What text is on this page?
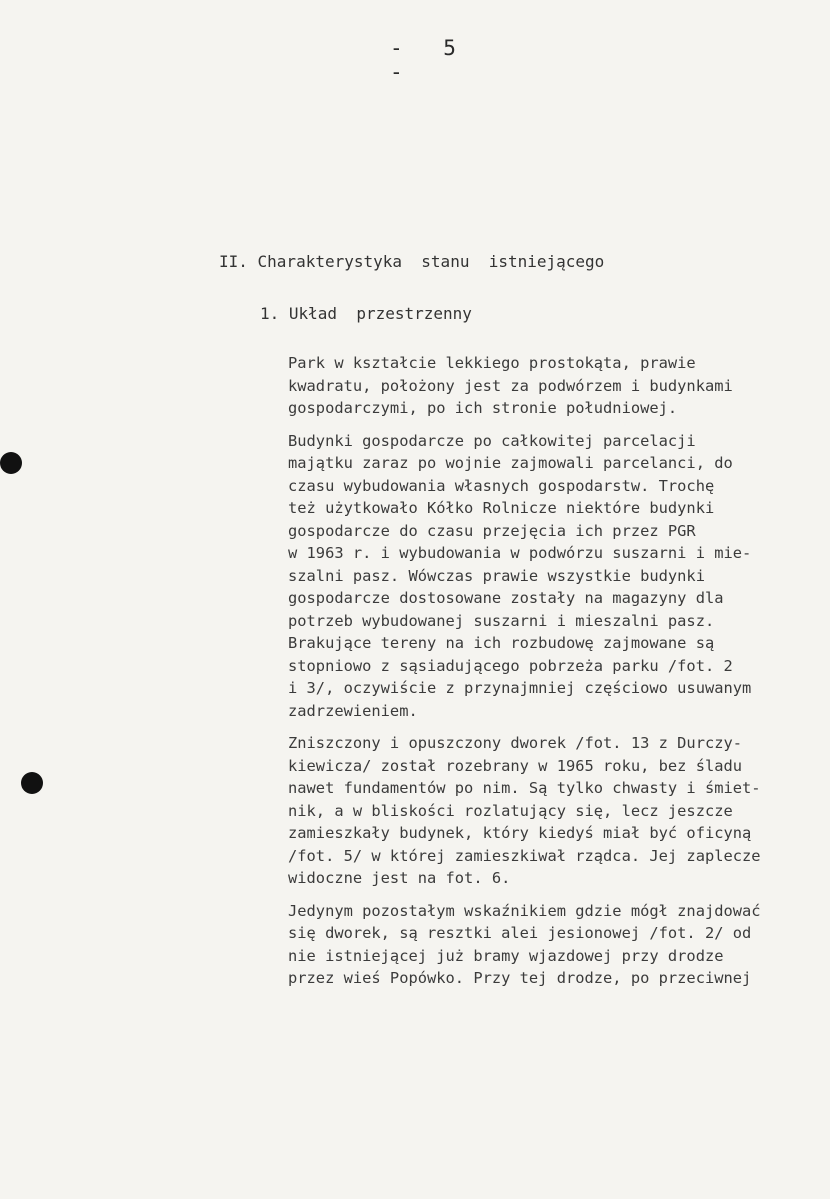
- 5 -
II. Charakterystyka  stanu  istniejącego
1. Układ  przestrzenny
Park w kształcie lekkiego prostokąta, prawie
kwadratu, położony jest za podwórzem i budynkami
gospodarczymi, po ich stronie południowej.
Budynki gospodarcze po całkowitej parcelacji
majątku zaraz po wojnie zajmowali parcelanci, do
czasu wybudowania własnych gospodarstw. Trochę
też użytkowało Kółko Rolnicze niektóre budynki
gospodarcze do czasu przejęcia ich przez PGR
w 1963 r. i wybudowania w podwórzu suszarni i mie-
szalni pasz. Wówczas prawie wszystkie budynki
gospodarcze dostosowane zostały na magazyny dla
potrzeb wybudowanej suszarni i mieszalni pasz.
Brakujące tereny na ich rozbudowę zajmowane są
stopniowo z sąsiadującego pobrzeża parku /fot. 2
i 3/, oczywiście z przynajmniej częściowo usuwanym
zadrzewieniem.
Zniszczony i opuszczony dworek /fot. 13 z Durczy-
kiewicza/ został rozebrany w 1965 roku, bez śladu
nawet fundamentów po nim. Są tylko chwasty i śmiet-
nik, a w bliskości rozlatujący się, lecz jeszcze
zamieszkały budynek, który kiedyś miał być oficyną
/fot. 5/ w której zamieszkiwał rządca. Jej zaplecze
widoczne jest na fot. 6.
Jedynym pozostałym wskaźnikiem gdzie mógł znajdować
się dworek, są resztki alei jesionowej /fot. 2/ od
nie istniejącej już bramy wjazdowej przy drodze
przez wieś Popówko. Przy tej drodze, po przeciwnej
